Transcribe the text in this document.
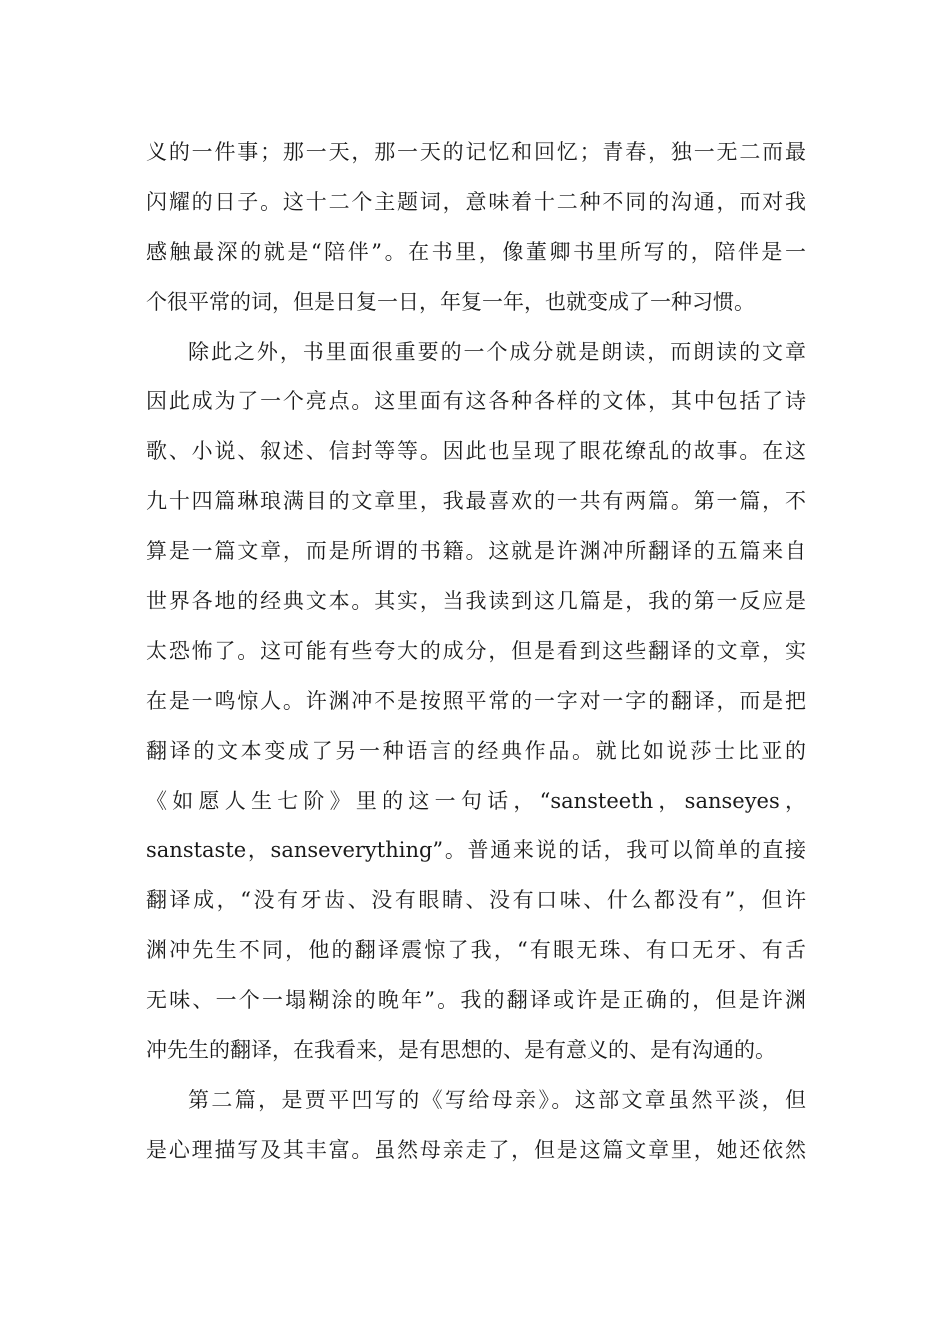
义的一件事；那一天，那一天的记忆和回忆；青春，独一无二而最
闪耀的日子。这十二个主题词，意味着十二种不同的沟通，而对我
感触最深的就是“陪伴”。在书里，像董卿书里所写的，陪伴是一
个很平常的词，但是日复一日，年复一年，也就变成了一种习惯。
除此之外，书里面很重要的一个成分就是朗读，而朗读的文章
因此成为了一个亮点。这里面有这各种各样的文体，其中包括了诗
歌、小说、叙述、信封等等。因此也呈现了眼花缭乱的故事。在这
九十四篇琳琅满目的文章里，我最喜欢的一共有两篇。第一篇，不
算是一篇文章，而是所谓的书籍。这就是许渊冲所翻译的五篇来自
世界各地的经典文本。其实，当我读到这几篇是，我的第一反应是
太恐怖了。这可能有些夸大的成分，但是看到这些翻译的文章，实
在是一鸣惊人。许渊冲不是按照平常的一字对一字的翻译，而是把
翻译的文本变成了另一种语言的经典作品。就比如说莎士比亚的
《如愿人生七阶》里的这一句话，“sansteeth，sanseyes，
sanstaste，sanseverything”。普通来说的话，我可以简单的直接
翻译成，“没有牙齿、没有眼睛、没有口味、什么都没有”，但许
渊冲先生不同，他的翻译震惊了我，“有眼无珠、有口无牙、有舌
无味、一个一塌糊涂的晚年”。我的翻译或许是正确的，但是许渊
冲先生的翻译，在我看来，是有思想的、是有意义的、是有沟通的。
第二篇，是贾平凹写的《写给母亲》。这部文章虽然平淡，但
是心理描写及其丰富。虽然母亲走了，但是这篇文章里，她还依然
